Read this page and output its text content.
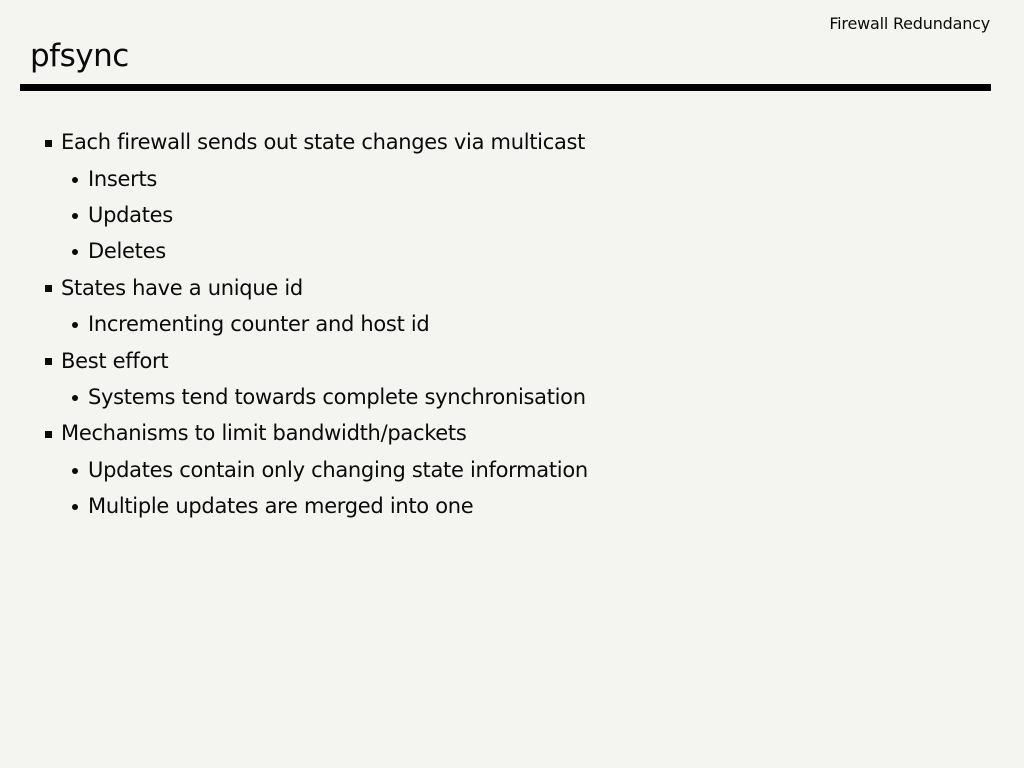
Firewall Redundancy
pfsync
Each firewall sends out state changes via multicast
Inserts
Updates
Deletes
States have a unique id
Incrementing counter and host id
Best effort
Systems tend towards complete synchronisation
Mechanisms to limit bandwidth/packets
Updates contain only changing state information
Multiple updates are merged into one
